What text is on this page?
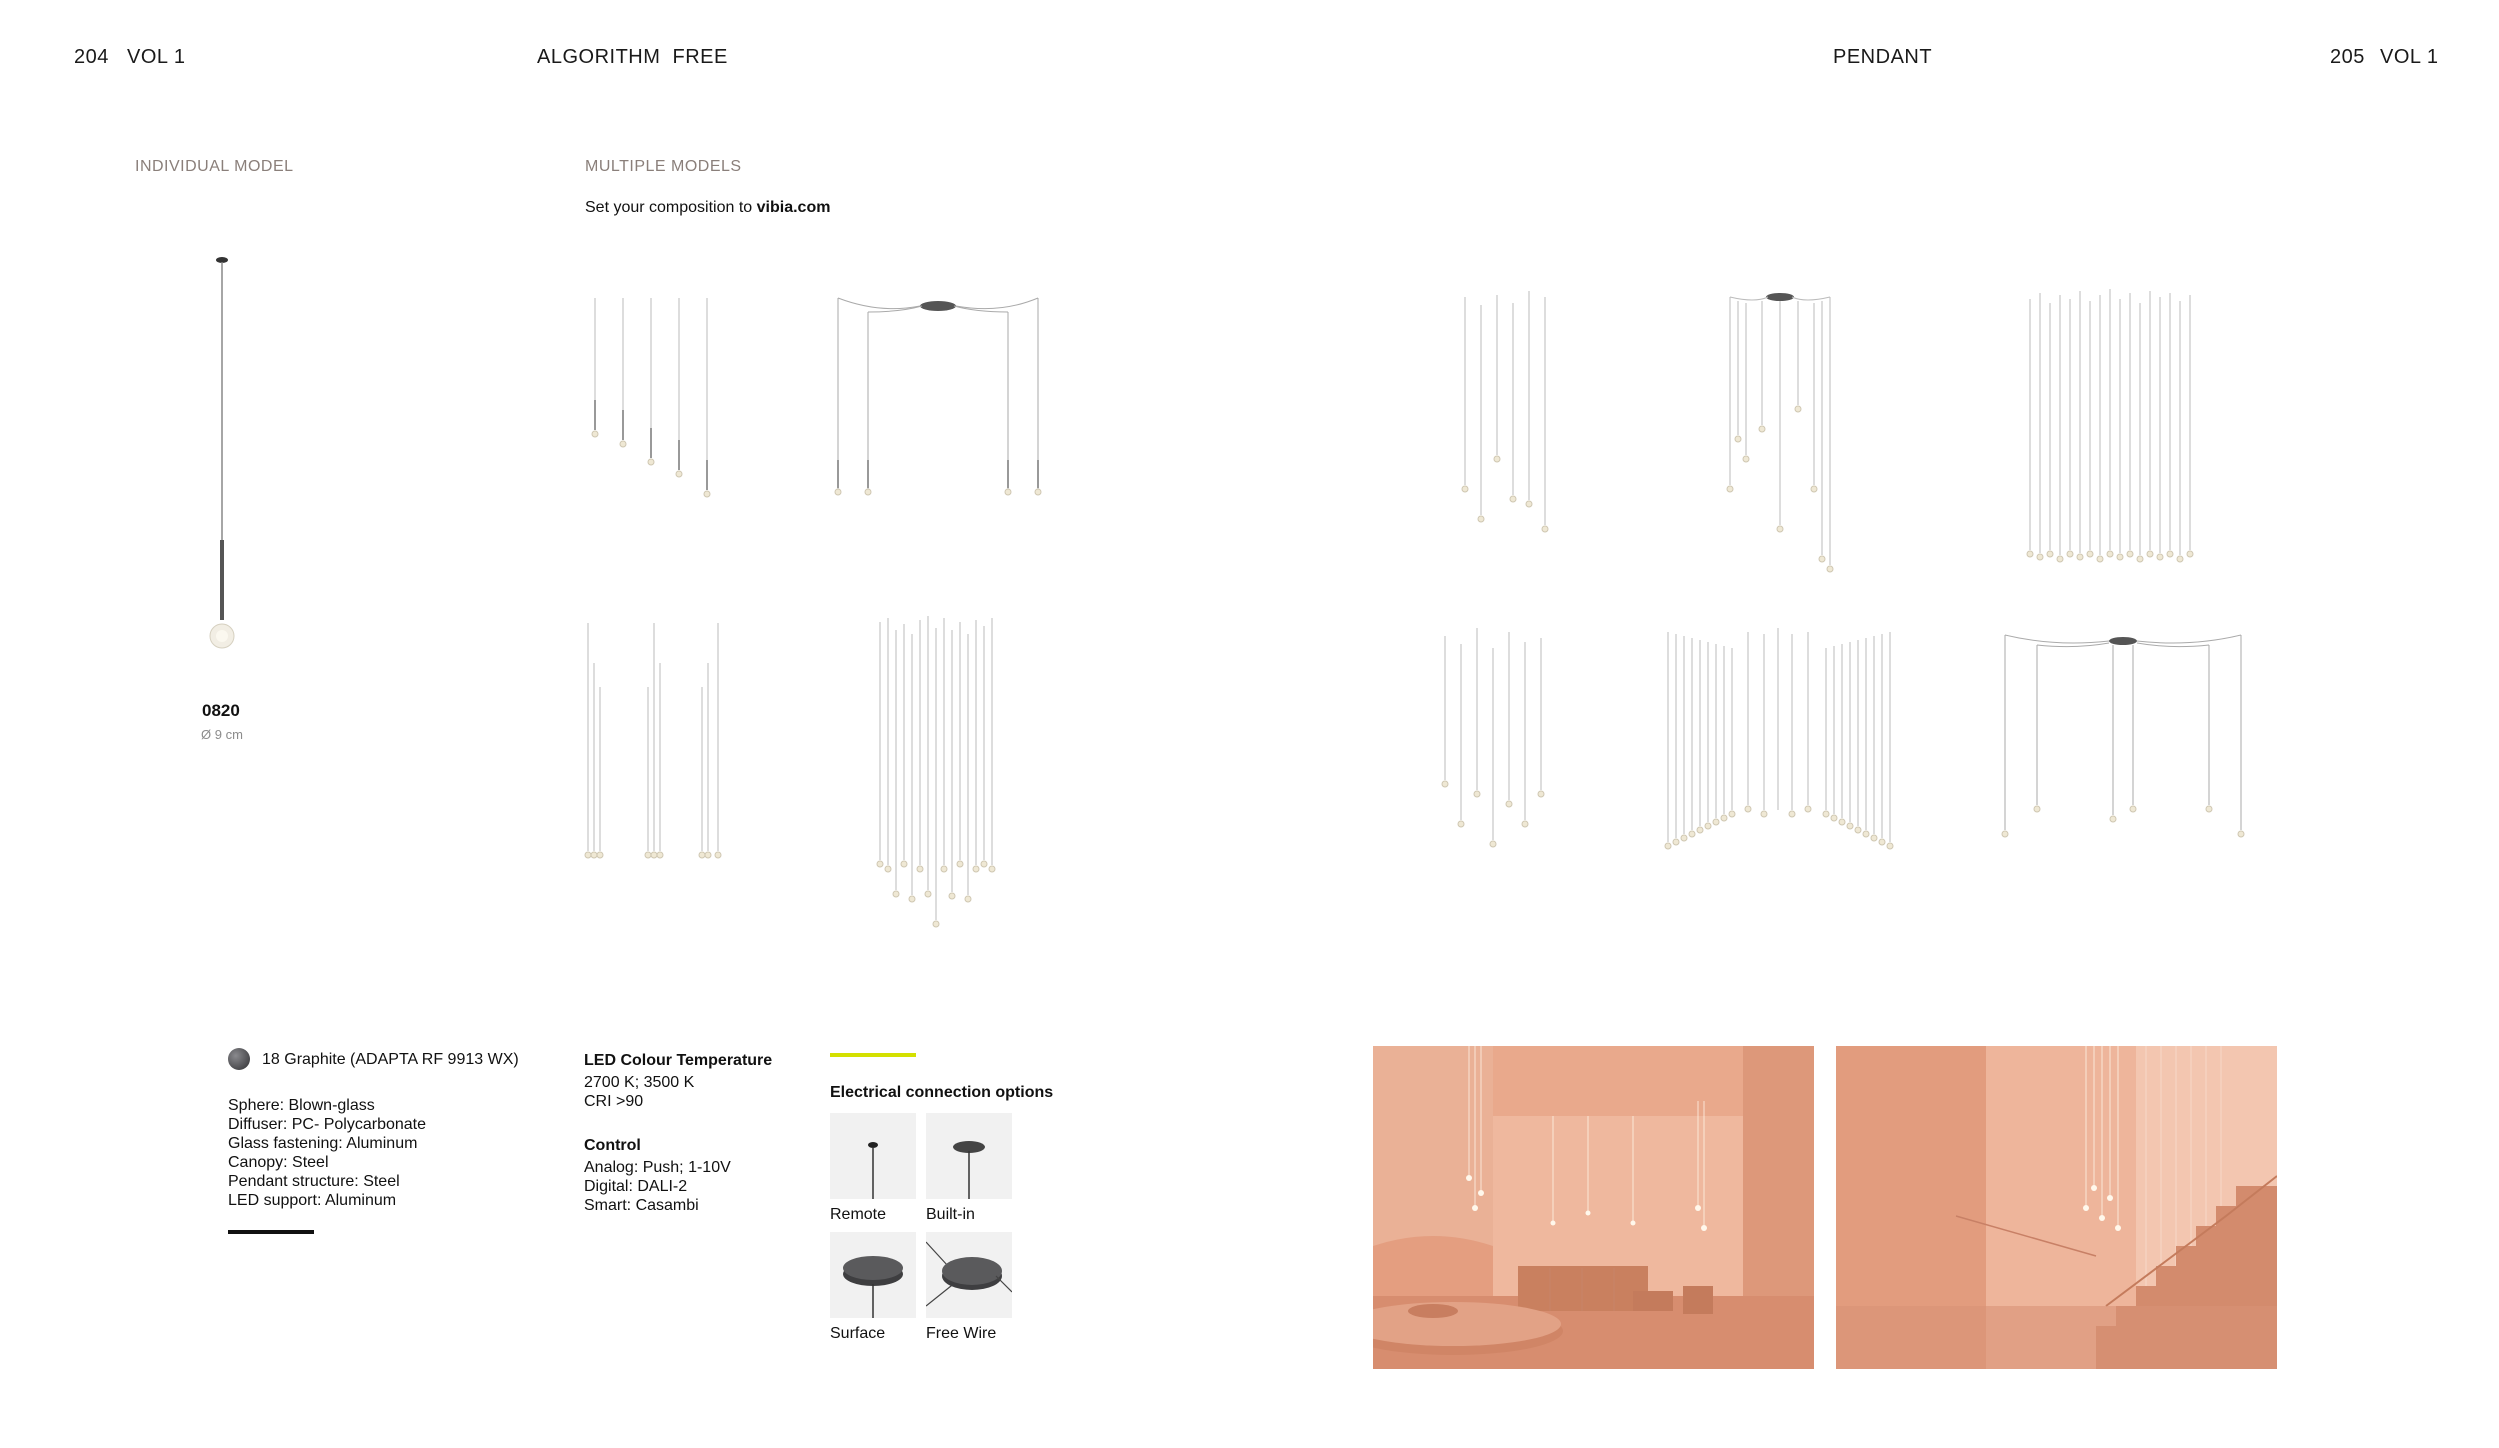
204 VOL 1	ALGORITHM  FREE	PENDANT	205 VOL 1
INDIVIDUAL MODEL	MULTIPLE MODELS
Set your composition to vibia.com
0820
Ø 9 cm
18 Graphite (ADAPTA RF 9913 WX)
Sphere: Blown-glass
Diffuser: PC- Polycarbonate
Glass fastening: Aluminum
Canopy: Steel
Pendant structure: Steel
LED support: Aluminum
LED Colour Temperature
2700 K; 3500 K
CRI >90
Control
Analog: Push; 1-10V
Digital: DALI-2
Smart: Casambi
Electrical connection options
Remote Built-in
Surface	Free Wire
